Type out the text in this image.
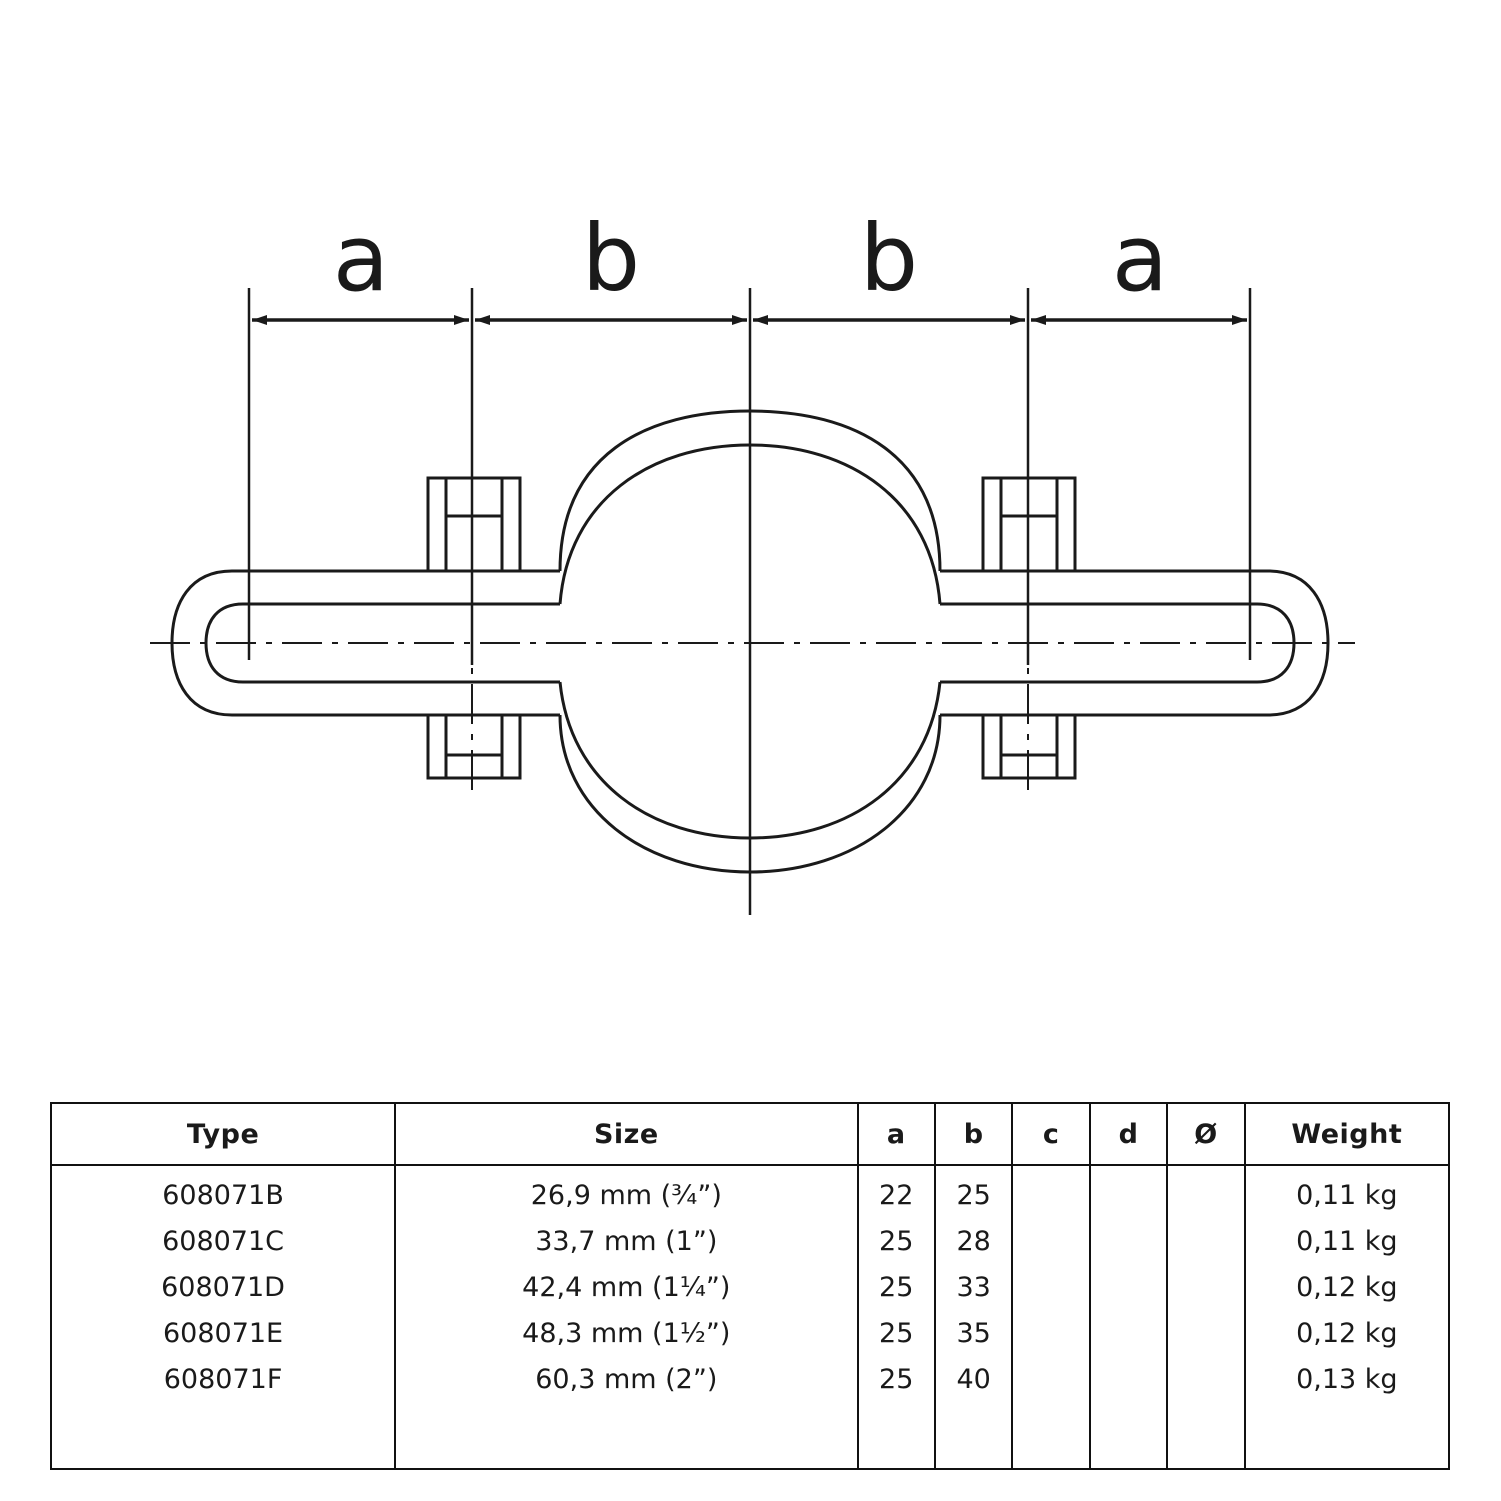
a b b a
Type	Size	a	b	c	d	Ø	Weight
608071B	26,9 mm (¾”)	22	25				0,11 kg
608071C	33,7 mm (1”)	25	28				0,11 kg
608071D	42,4 mm (1¼”)	25	33				0,12 kg
608071E	48,3 mm (1½”)	25	35				0,12 kg
608071F	60,3 mm (2”)	25	40				0,13 kg
